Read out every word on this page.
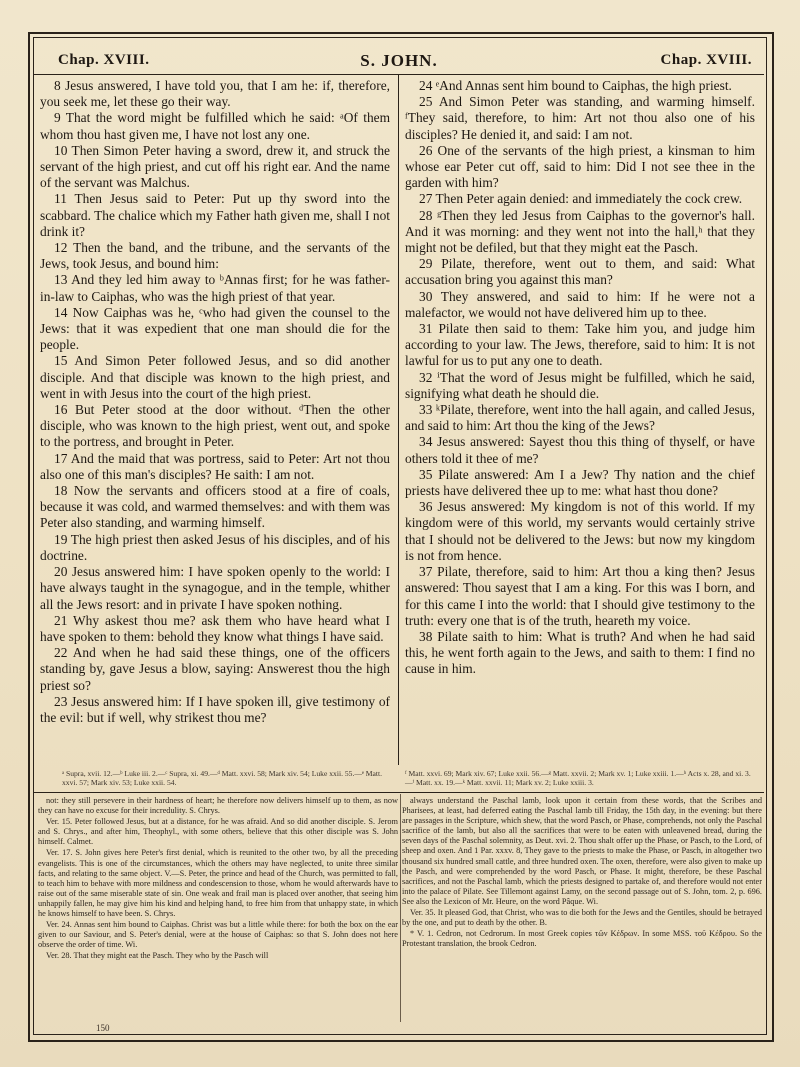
Chap. XVIII.	S. JOHN.	Chap. XVIII.

8 Jesus answered, I have told you, that I am he: if, therefore, you seek me, let these go their way.

9 That the word might be fulfilled which he said: ᵃOf them whom thou hast given me, I have not lost any one.

10 Then Simon Peter having a sword, drew it, and struck the servant of the high priest, and cut off his right ear. And the name of the servant was Malchus.

11 Then Jesus said to Peter: Put up thy sword into the scabbard. The chalice which my Father hath given me, shall I not drink it?

12 Then the band, and the tribune, and the servants of the Jews, took Jesus, and bound him:

13 And they led him away to ᵇAnnas first; for he was father-in-law to Caiphas, who was the high priest of that year.

14 Now Caiphas was he, ᶜwho had given the counsel to the Jews: that it was expedient that one man should die for the people.

15 And Simon Peter followed Jesus, and so did another disciple. And that disciple was known to the high priest, and went in with Jesus into the court of the high priest.

16 But Peter stood at the door without. ᵈThen the other disciple, who was known to the high priest, went out, and spoke to the portress, and brought in Peter.

17 And the maid that was portress, said to Peter: Art not thou also one of this man's disciples? He saith: I am not.

18 Now the servants and officers stood at a fire of coals, because it was cold, and warmed themselves: and with them was Peter also standing, and warming himself.

19 The high priest then asked Jesus of his disciples, and of his doctrine.

20 Jesus answered him: I have spoken openly to the world: I have always taught in the synagogue, and in the temple, whither all the Jews resort: and in private I have spoken nothing.

21 Why askest thou me? ask them who have heard what I have spoken to them: behold they know what things I have said.

22 And when he had said these things, one of the officers standing by, gave Jesus a blow, saying: Answerest thou the high priest so?

23 Jesus answered him: If I have spoken ill, give testimony of the evil: but if well, why strikest thou me?

24 ᵉAnd Annas sent him bound to Caiphas, the high priest.

25 And Simon Peter was standing, and warming himself. ᶠThey said, therefore, to him: Art not thou also one of his disciples? He denied it, and said: I am not.

26 One of the servants of the high priest, a kinsman to him whose ear Peter cut off, said to him: Did I not see thee in the garden with him?

27 Then Peter again denied: and immediately the cock crew.

28 ᵍThen they led Jesus from Caiphas to the governor's hall. And it was morning: and they went not into the hall,ʰ that they might not be defiled, but that they might eat the Pasch.

29 Pilate, therefore, went out to them, and said: What accusation bring you against this man?

30 They answered, and said to him: If he were not a malefactor, we would not have delivered him up to thee.

31 Pilate then said to them: Take him you, and judge him according to your law. The Jews, therefore, said to him: It is not lawful for us to put any one to death.

32 ⁱThat the word of Jesus might be fulfilled, which he said, signifying what death he should die.

33 ᵏPilate, therefore, went into the hall again, and called Jesus, and said to him: Art thou the king of the Jews?

34 Jesus answered: Sayest thou this thing of thyself, or have others told it thee of me?

35 Pilate answered: Am I a Jew? Thy nation and the chief priests have delivered thee up to me: what hast thou done?

36 Jesus answered: My kingdom is not of this world. If my kingdom were of this world, my servants would certainly strive that I should not be delivered to the Jews: but now my kingdom is not from hence.

37 Pilate, therefore, said to him: Art thou a king then? Jesus answered: Thou sayest that I am a king. For this was I born, and for this came I into the world: that I should give testimony to the truth: every one that is of the truth, heareth my voice.

38 Pilate saith to him: What is truth? And when he had said this, he went forth again to the Jews, and saith to them: I find no cause in him.

ᵃ Supra, xvii. 12.—ᵇ Luke iii. 2.—ᶜ Supra, xi. 49.—ᵈ Matt. xxvi. 58; Mark xiv. 54; Luke xxii. 55.—ᵉ Matt. xxvi. 57; Mark xiv. 53; Luke xxii. 54.
ᶠ Matt. xxvi. 69; Mark xiv. 67; Luke xxii. 56.—ᵍ Matt. xxvii. 2; Mark xv. 1; Luke xxiii. 1.—ʰ Acts x. 28, and xi. 3.—ⁱ Matt. xx. 19.—ᵏ Matt. xxvii. 11; Mark xv. 2; Luke xxiii. 3.

not: they still persevere in their hardness of heart; he therefore now delivers himself up to them, as now they can have no excuse for their incredulity. S. Chrys.

Ver. 15. Peter followed Jesus, but at a distance, for he was afraid. And so did another disciple. S. Jerom and S. Chrys., and after him, Theophyl., with some others, believe that this other disciple was S. John himself. Calmet.

Ver. 17. S. John gives here Peter's first denial, which is reunited to the other two, by all the preceding evangelists. This is one of the circumstances, which the others may have neglected, to unite three similar facts, and relating to the same object. V.—S. Peter, the prince and head of the Church, was permitted to fall, to teach him to behave with more mildness and condescension to those, whom he would afterwards have to raise out of the same miserable state of sin. One weak and frail man is placed over another, that seeing him unhappily fallen, he may give him his kind and helping hand, to free him from that unhappy state, in which he knows himself to have been. S. Chrys.

Ver. 24. Annas sent him bound to Caiphas. Christ was but a little while there: for both the box on the ear given to our Saviour, and S. Peter's denial, were at the house of Caiphas: so that S. John does not here observe the order of time. Wi.

Ver. 28. That they might eat the Pasch. They who by the Pasch will

always understand the Paschal lamb, look upon it certain from these words, that the Scribes and Pharisees, at least, had deferred eating the Paschal lamb till Friday, the 15th day, in the evening: but there are passages in the Scripture, which shew, that the word Pasch, or Phase, comprehends, not only the Paschal sacrifice of the lamb, but also all the sacrifices that were to be eaten with unleavened bread, during the seven days of the Paschal solemnity, as Deut. xvi. 2. Thou shalt offer up the Phase, or Pasch, to the Lord, of sheep and oxen. And 1 Par. xxxv. 8, They gave to the priests to make the Phase, or Pasch, in altogether two thousand six hundred small cattle, and three hundred oxen. The oxen, therefore, were also given to make up the Pasch, and were comprehended by the word Pasch, or Phase. It might, therefore, be these Paschal sacrifices, and not the Paschal lamb, which the priests designed to partake of, and therefore would not enter into the palace of Pilate. See Tillemont against Lamy, on the second passage out of S. John, tom. 2, p. 696. See also the Lexicon of Mr. Heure, on the word Pâque. Wi.

Ver. 35. It pleased God, that Christ, who was to die both for the Jews and the Gentiles, should be betrayed by the one, and put to death by the other. B.

* V. 1. Cedron, not Cedrorum. In most Greek copies τῶν Κέδρων. In some MSS. τοῦ Κέδρου. So the Protestant translation, the brook Cedron.

150
